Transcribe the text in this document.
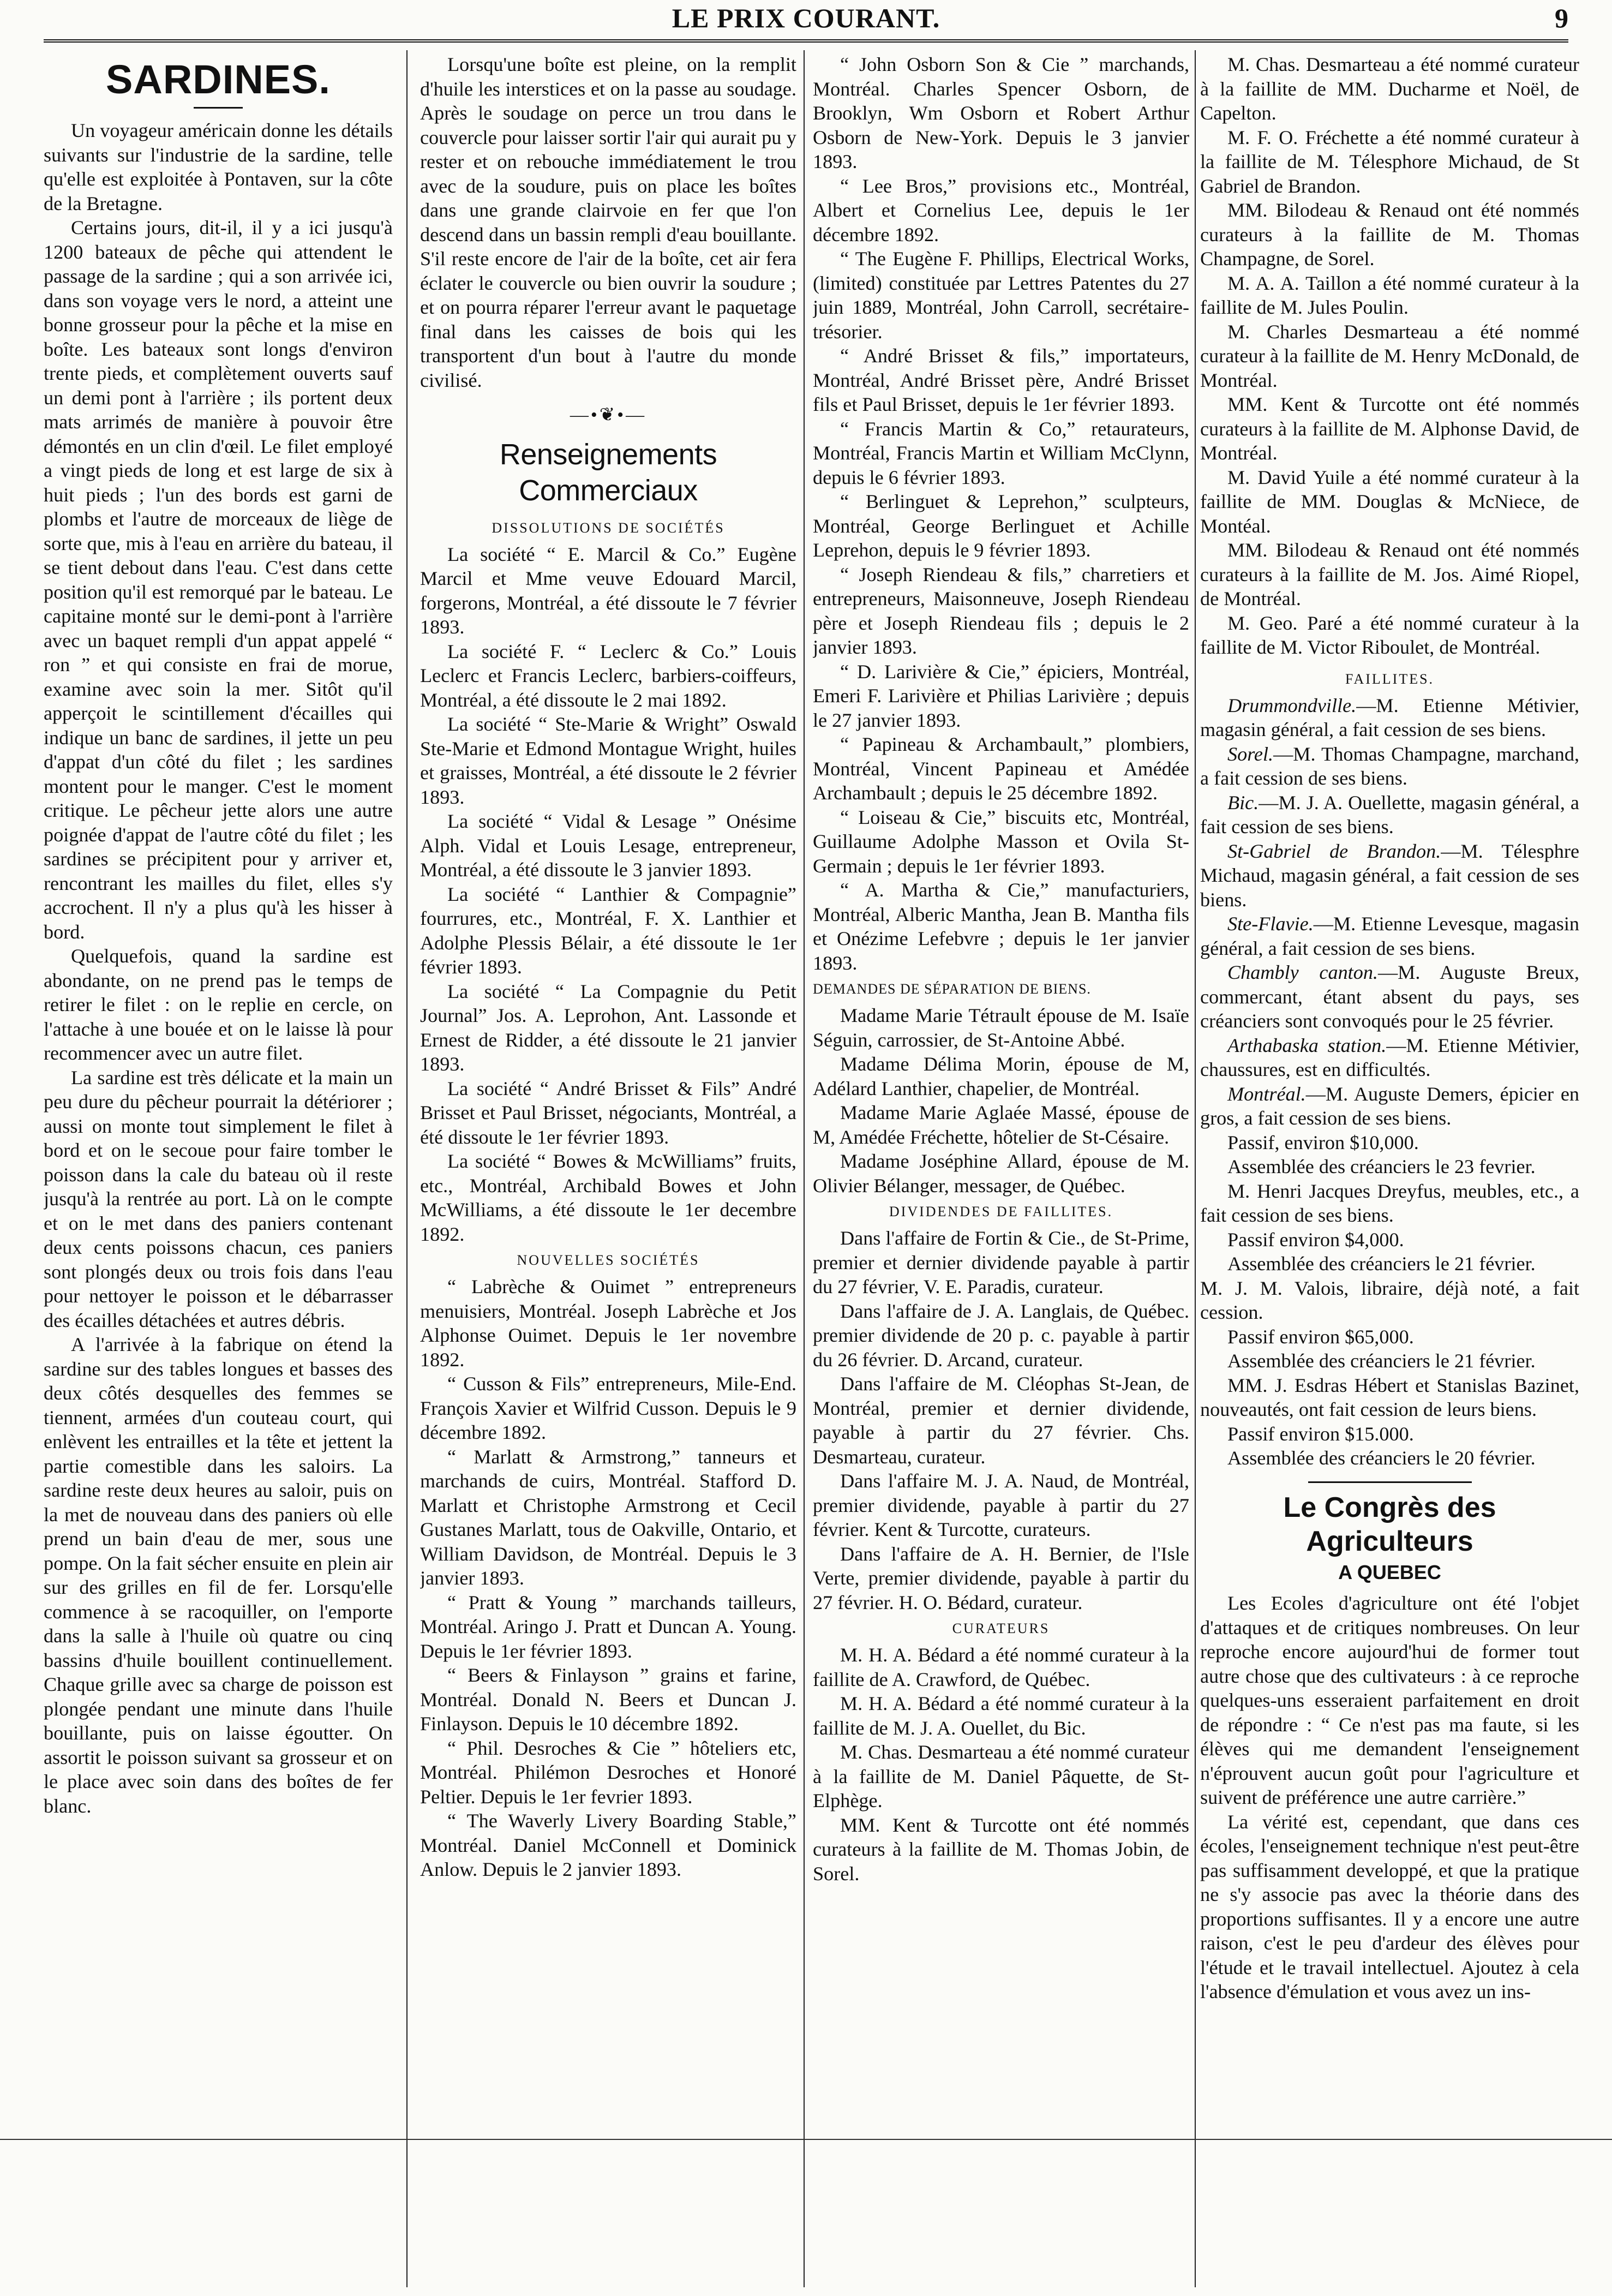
LE PRIX COURANT.	9
SARDINES.

Un voyageur américain donne les détails suivants sur l'industrie de la sardine, telle qu'elle est exploitée à Pontaven, sur la côte de la Bretagne.

Certains jours, dit-il, il y a ici jusqu'à 1200 bateaux de pêche qui attendent le passage de la sardine ; qui a son arrivée ici, dans son voyage vers le nord, a atteint une bonne grosseur pour la pêche et la mise en boîte. Les bateaux sont longs d'environ trente pieds, et complètement ouverts sauf un demi pont à l'arrière ; ils portent deux mats arrimés de manière à pouvoir être démontés en un clin d'œil. Le filet employé a vingt pieds de long et est large de six à huit pieds ; l'un des bords est garni de plombs et l'autre de morceaux de liège de sorte que, mis à l'eau en arrière du bateau, il se tient debout dans l'eau. C'est dans cette position qu'il est remorqué par le bateau. Le capitaine monté sur le demi-pont à l'arrière avec un baquet rempli d'un appat appelé “ ron ” et qui consiste en frai de morue, examine avec soin la mer. Sitôt qu'il apperçoit le scintillement d'écailles qui indique un banc de sardines, il jette un peu d'appat d'un côté du filet ; les sardines montent pour le manger. C'est le moment critique. Le pêcheur jette alors une autre poignée d'appat de l'autre côté du filet ; les sardines se précipitent pour y arriver et, rencontrant les mailles du filet, elles s'y accrochent. Il n'y a plus qu'à les hisser à bord.

Quelquefois, quand la sardine est abondante, on ne prend pas le temps de retirer le filet : on le replie en cercle, on l'attache à une bouée et on le laisse là pour recommencer avec un autre filet.

La sardine est très délicate et la main un peu dure du pêcheur pourrait la détériorer ; aussi on monte tout simplement le filet à bord et on le secoue pour faire tomber le poisson dans la cale du bateau où il reste jusqu'à la rentrée au port. Là on le compte et on le met dans des paniers contenant deux cents poissons chacun, ces paniers sont plongés deux ou trois fois dans l'eau pour nettoyer le poisson et le débarrasser des écailles détachées et autres débris.

A l'arrivée à la fabrique on étend la sardine sur des tables longues et basses des deux côtés desquelles des femmes se tiennent, armées d'un couteau court, qui enlèvent les entrailles et la tête et jettent la partie comestible dans les saloirs. La sardine reste deux heures au saloir, puis on la met de nouveau dans des paniers où elle prend un bain d'eau de mer, sous une pompe. On la fait sécher ensuite en plein air sur des grilles en fil de fer. Lorsqu'elle commence à se racoquiller, on l'emporte dans la salle à l'huile où quatre ou cinq bassins d'huile bouillent continuellement. Chaque grille avec sa charge de poisson est plongée pendant une minute dans l'huile bouillante, puis on laisse égoutter. On assortit le poisson suivant sa grosseur et on le place avec soin dans des boîtes de fer blanc.

Lorsqu'une boîte est pleine, on la remplit d'huile les interstices et on la passe au soudage. Après le soudage on perce un trou dans le couvercle pour laisser sortir l'air qui aurait pu y rester et on rebouche immédiatement le trou avec de la soudure, puis on place les boîtes dans une grande clairvoie en fer que l'on descend dans un bassin rempli d'eau bouillante. S'il reste encore de l'air de la boîte, cet air fera éclater le couvercle ou bien ouvrir la soudure ; et on pourra réparer l'erreur avant le paquetage final dans les caisses de bois qui les transportent d'un bout à l'autre du monde civilisé.

—•❦•—
Renseignements Commerciaux
DISSOLUTIONS DE SOCIÉTÉS

La société “ E. Marcil & Co.” Eugène Marcil et Mme veuve Edouard Marcil, forgerons, Montréal, a été dissoute le 7 février 1893.

La société F. “ Leclerc & Co.” Louis Leclerc et Francis Leclerc, barbiers-coiffeurs, Montréal, a été dissoute le 2 mai 1892.

La société “ Ste-Marie & Wright” Oswald Ste-Marie et Edmond Montague Wright, huiles et graisses, Montréal, a été dissoute le 2 février 1893.

La société “ Vidal & Lesage ” Onésime Alph. Vidal et Louis Lesage, entrepreneur, Montréal, a été dissoute le 3 janvier 1893.

La société “ Lanthier & Compagnie” fourrures, etc., Montréal, F. X. Lanthier et Adolphe Plessis Bélair, a été dissoute le 1er février 1893.

La société “ La Compagnie du Petit Journal” Jos. A. Leprohon, Ant. Lassonde et Ernest de Ridder, a été dissoute le 21 janvier 1893.

La société “ André Brisset & Fils” André Brisset et Paul Brisset, négociants, Montréal, a été dissoute le 1er février 1893.

La société “ Bowes & McWilliams” fruits, etc., Montréal, Archibald Bowes et John McWilliams, a été dissoute le 1er decembre 1892.

NOUVELLES SOCIÉTÉS

“ Labrèche & Ouimet ” entrepreneurs menuisiers, Montréal. Joseph Labrèche et Jos Alphonse Ouimet. Depuis le 1er novembre 1892.

“ Cusson & Fils” entrepreneurs, Mile-End. François Xavier et Wilfrid Cusson. Depuis le 9 décembre 1892.

“ Marlatt & Armstrong,” tanneurs et marchands de cuirs, Montréal. Stafford D. Marlatt et Christophe Armstrong et Cecil Gustanes Marlatt, tous de Oakville, Ontario, et William Davidson, de Montréal. Depuis le 3 janvier 1893.

“ Pratt & Young ” marchands tailleurs, Montréal. Aringo J. Pratt et Duncan A. Young. Depuis le 1er février 1893.

“ Beers & Finlayson ” grains et farine, Montréal. Donald N. Beers et Duncan J. Finlayson. Depuis le 10 décembre 1892.

“ Phil. Desroches & Cie ” hôteliers etc, Montréal. Philémon Desroches et Honoré Peltier. Depuis le 1er fevrier 1893.

“ The Waverly Livery Boarding Stable,” Montréal. Daniel McConnell et Dominick Anlow. Depuis le 2 janvier 1893.

“ John Osborn Son & Cie ” marchands, Montréal. Charles Spencer Osborn, de Brooklyn, Wm Osborn et Robert Arthur Osborn de New-York. Depuis le 3 janvier 1893.

“ Lee Bros,” provisions etc., Montréal, Albert et Cornelius Lee, depuis le 1er décembre 1892.

“ The Eugène F. Phillips, Electrical Works, (limited) constituée par Lettres Patentes du 27 juin 1889, Montréal, John Carroll, secrétaire-trésorier.

“ André Brisset & fils,” importateurs, Montréal, André Brisset père, André Brisset fils et Paul Brisset, depuis le 1er février 1893.

“ Francis Martin & Co,” retaurateurs, Montréal, Francis Martin et William McClynn, depuis le 6 février 1893.

“ Berlinguet & Leprehon,” sculpteurs, Montréal, George Berlinguet et Achille Leprehon, depuis le 9 février 1893.

“ Joseph Riendeau & fils,” charretiers et entrepreneurs, Maisonneuve, Joseph Riendeau père et Joseph Riendeau fils ; depuis le 2 janvier 1893.

“ D. Larivière & Cie,” épiciers, Montréal, Emeri F. Larivière et Philias Larivière ; depuis le 27 janvier 1893.

“ Papineau & Archambault,” plombiers, Montréal, Vincent Papineau et Amédée Archambault ; depuis le 25 décembre 1892.

“ Loiseau & Cie,” biscuits etc, Montréal, Guillaume Adolphe Masson et Ovila St-Germain ; depuis le 1er février 1893.

“ A. Martha & Cie,” manufacturiers, Montréal, Alberic Mantha, Jean B. Mantha fils et Onézime Lefebvre ; depuis le 1er janvier 1893.

DEMANDES DE SÉPARATION DE BIENS.

Madame Marie Tétrault épouse de M. Isaïe Séguin, carrossier, de St-Antoine Abbé.

Madame Délima Morin, épouse de M, Adélard Lanthier, chapelier, de Montréal.

Madame Marie Aglaée Massé, épouse de M, Amédée Fréchette, hôtelier de St-Césaire.

Madame Joséphine Allard, épouse de M. Olivier Bélanger, messager, de Québec.

DIVIDENDES DE FAILLITES.

Dans l'affaire de Fortin & Cie., de St-Prime, premier et dernier dividende payable à partir du 27 février, V. E. Paradis, curateur.

Dans l'affaire de J. A. Langlais, de Québec. premier dividende de 20 p. c. payable à partir du 26 février. D. Arcand, curateur.

Dans l'affaire de M. Cléophas St-Jean, de Montréal, premier et dernier dividende, payable à partir du 27 février. Chs. Desmarteau, curateur.

Dans l'affaire M. J. A. Naud, de Montréal, premier dividende, payable à partir du 27 février. Kent & Turcotte, curateurs.

Dans l'affaire de A. H. Bernier, de l'Isle Verte, premier dividende, payable à partir du 27 février. H. O. Bédard, curateur.

CURATEURS

M. H. A. Bédard a été nommé curateur à la faillite de A. Crawford, de Québec.

M. H. A. Bédard a été nommé curateur à la faillite de M. J. A. Ouellet, du Bic.

M. Chas. Desmarteau a été nommé curateur à la faillite de M. Daniel Pâquette, de St-Elphège.

MM. Kent & Turcotte ont été nommés curateurs à la faillite de M. Thomas Jobin, de Sorel.

M. Chas. Desmarteau a été nommé curateur à la faillite de MM. Ducharme et Noël, de Capelton.

M. F. O. Fréchette a été nommé curateur à la faillite de M. Télesphore Michaud, de St Gabriel de Brandon.

MM. Bilodeau & Renaud ont été nommés curateurs à la faillite de M. Thomas Champagne, de Sorel.

M. A. A. Taillon a été nommé curateur à la faillite de M. Jules Poulin.

M. Charles Desmarteau a été nommé curateur à la faillite de M. Henry McDonald, de Montréal.

MM. Kent & Turcotte ont été nommés curateurs à la faillite de M. Alphonse David, de Montréal.

M. David Yuile a été nommé curateur à la faillite de MM. Douglas & McNiece, de Montéal.

MM. Bilodeau & Renaud ont été nommés curateurs à la faillite de M. Jos. Aimé Riopel, de Montréal.

M. Geo. Paré a été nommé curateur à la faillite de M. Victor Riboulet, de Montréal.

FAILLITES.

Drummondville.—M. Etienne Métivier, magasin général, a fait cession de ses biens.

Sorel.—M. Thomas Champagne, marchand, a fait cession de ses biens.

Bic.—M. J. A. Ouellette, magasin général, a fait cession de ses biens.

St-Gabriel de Brandon.—M. Télesphre Michaud, magasin général, a fait cession de ses biens.

Ste-Flavie.—M. Etienne Levesque, magasin général, a fait cession de ses biens.

Chambly canton.—M. Auguste Breux, commercant, étant absent du pays, ses créanciers sont convoqués pour le 25 février.

Arthabaska station.—M. Etienne Métivier, chaussures, est en difficultés.

Montréal.—M. Auguste Demers, épicier en gros, a fait cession de ses biens.

Passif, environ $10,000.

Assemblée des créanciers le 23 fevrier.

M. Henri Jacques Dreyfus, meubles, etc., a fait cession de ses biens.

Passif environ $4,000.

Assemblée des créanciers le 21 février.

M. J. M. Valois, libraire, déjà noté, a fait cession.

Passif environ $65,000.

Assemblée des créanciers le 21 février.

MM. J. Esdras Hébert et Stanislas Bazinet, nouveautés, ont fait cession de leurs biens.

Passif environ $15.000.

Assemblée des créanciers le 20 février.

Le Congrès des Agriculteurs
A QUEBEC

Les Ecoles d'agriculture ont été l'objet d'attaques et de critiques nombreuses. On leur reproche encore aujourd'hui de former tout autre chose que des cultivateurs : à ce reproche quelques-uns esseraient parfaitement en droit de répondre : “ Ce n'est pas ma faute, si les élèves qui me demandent l'enseignement n'éprouvent aucun goût pour l'agriculture et suivent de préférence une autre carrière.”

La vérité est, cependant, que dans ces écoles, l'enseignement technique n'est peut-être pas suffisamment developpé, et que la pratique ne s'y associe pas avec la théorie dans des proportions suffisantes. Il y a encore une autre raison, c'est le peu d'ardeur des élèves pour l'étude et le travail intellectuel. Ajoutez à cela l'absence d'émulation et vous avez un ins-
